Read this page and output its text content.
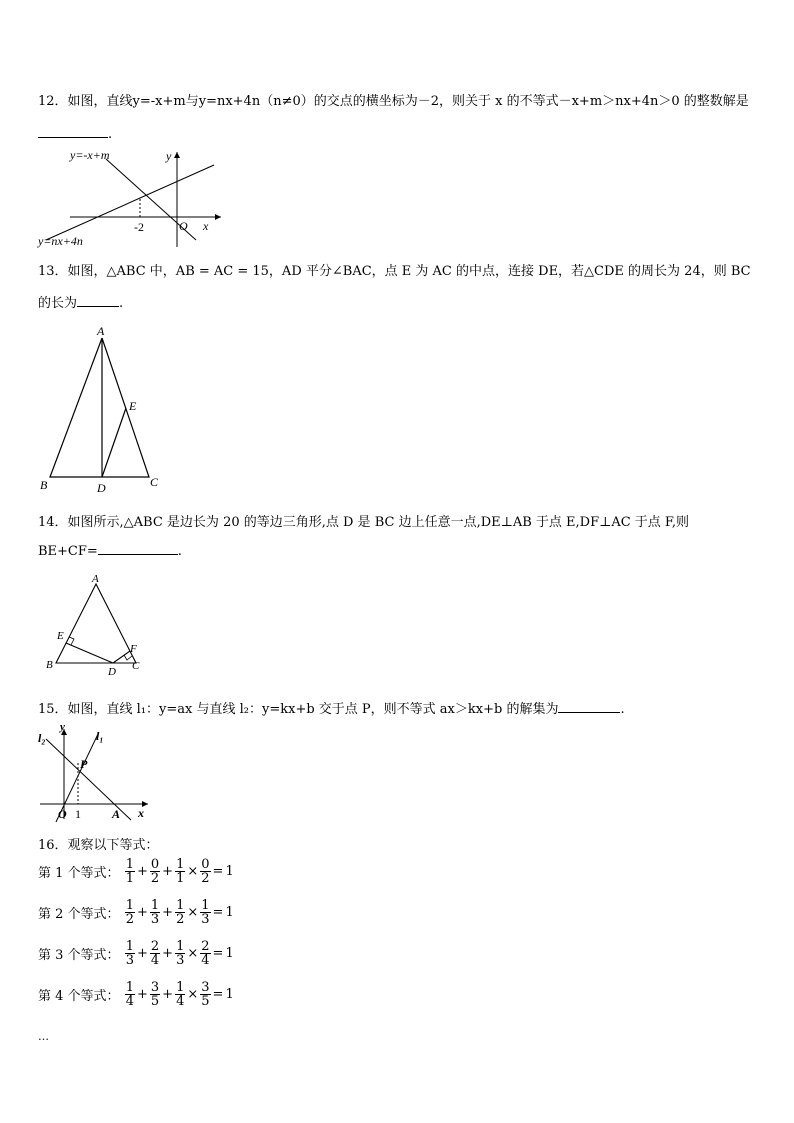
12．如图，直线y=-x+m与y=nx+4n（n≠0）的交点的横坐标为－2，则关于 x 的不等式－x+m＞nx+4n＞0 的整数解是
.
y=-x+m
y=nx+4n
y
x
O
-2
13．如图，△ABC 中，AB = AC = 15，AD 平分∠BAC，点 E 为 AC 的中点，连接 DE，若△CDE 的周长为 24，则 BC
的长为	.
A
B	C
D
E
14．如图所示,△ABC 是边长为 20 的等边三角形,点 D 是 BC 边上任意一点,DE⊥AB 于点 E,DF⊥AC 于点 F,则
BE+CF=	.
A
B	C
D
E
F
15．如图，直线 l₁：y=ax 与直线 l₂：y=kx+b 交于点 P，则不等式 ax＞kx+b 的解集为	.
l₂	l₁
y
x
P
O 1	A
16．观察以下等式：
第 1 个等式： $\frac{1}{1} + \frac{0}{2} + \frac{1}{1} \times \frac{0}{2} = 1$
第 2 个等式： $\frac{1}{2} + \frac{1}{3} + \frac{1}{2} \times \frac{1}{3} = 1$
第 3 个等式： $\frac{1}{3} + \frac{2}{4} + \frac{1}{3} \times \frac{2}{4} = 1$
第 4 个等式： $\frac{1}{4} + \frac{3}{5} + \frac{1}{4} \times \frac{3}{5} = 1$
…
